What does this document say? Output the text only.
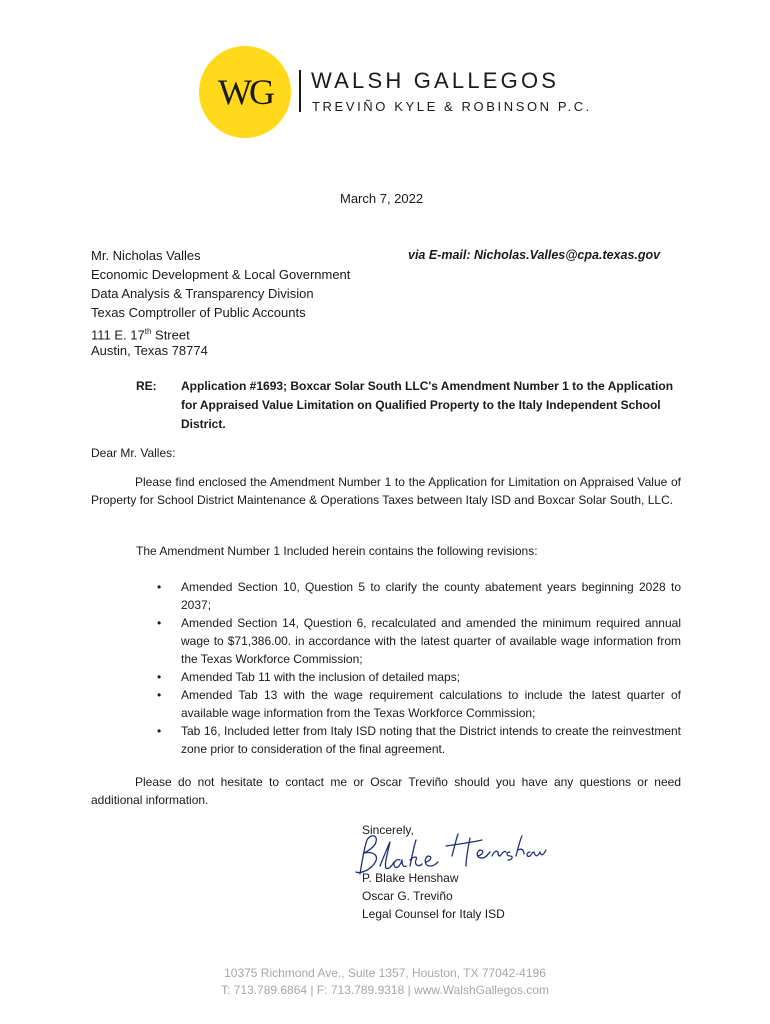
WG WALSH GALLEGOS
TREVIÑO KYLE & ROBINSON P.C.
March 7, 2022
Mr. Nicholas Valles
Economic Development & Local Government
Data Analysis & Transparency Division
Texas Comptroller of Public Accounts
111 E. 17th Street
Austin, Texas 78774
via E-mail: Nicholas.Valles@cpa.texas.gov
RE: Application #1693; Boxcar Solar South LLC's Amendment Number 1 to the Application for Appraised Value Limitation on Qualified Property to the Italy Independent School District.
Dear Mr. Valles:
Please find enclosed the Amendment Number 1 to the Application for Limitation on Appraised Value of Property for School District Maintenance & Operations Taxes between Italy ISD and Boxcar Solar South, LLC.
The Amendment Number 1 Included herein contains the following revisions:
• Amended Section 10, Question 5 to clarify the county abatement years beginning 2028 to 2037;
• Amended Section 14, Question 6, recalculated and amended the minimum required annual wage to $71,386.00. in accordance with the latest quarter of available wage information from the Texas Workforce Commission;
• Amended Tab 11 with the inclusion of detailed maps;
• Amended Tab 13 with the wage requirement calculations to include the latest quarter of available wage information from the Texas Workforce Commission;
• Tab 16, Included letter from Italy ISD noting that the District intends to create the reinvestment zone prior to consideration of the final agreement.
Please do not hesitate to contact me or Oscar Treviño should you have any questions or need additional information.
Sincerely,
P. Blake Henshaw
Oscar G. Treviño
Legal Counsel for Italy ISD
10375 Richmond Ave., Suite 1357, Houston, TX 77042-4196
T: 713.789.6864 | F: 713.789.9318 | www.WalshGallegos.com
